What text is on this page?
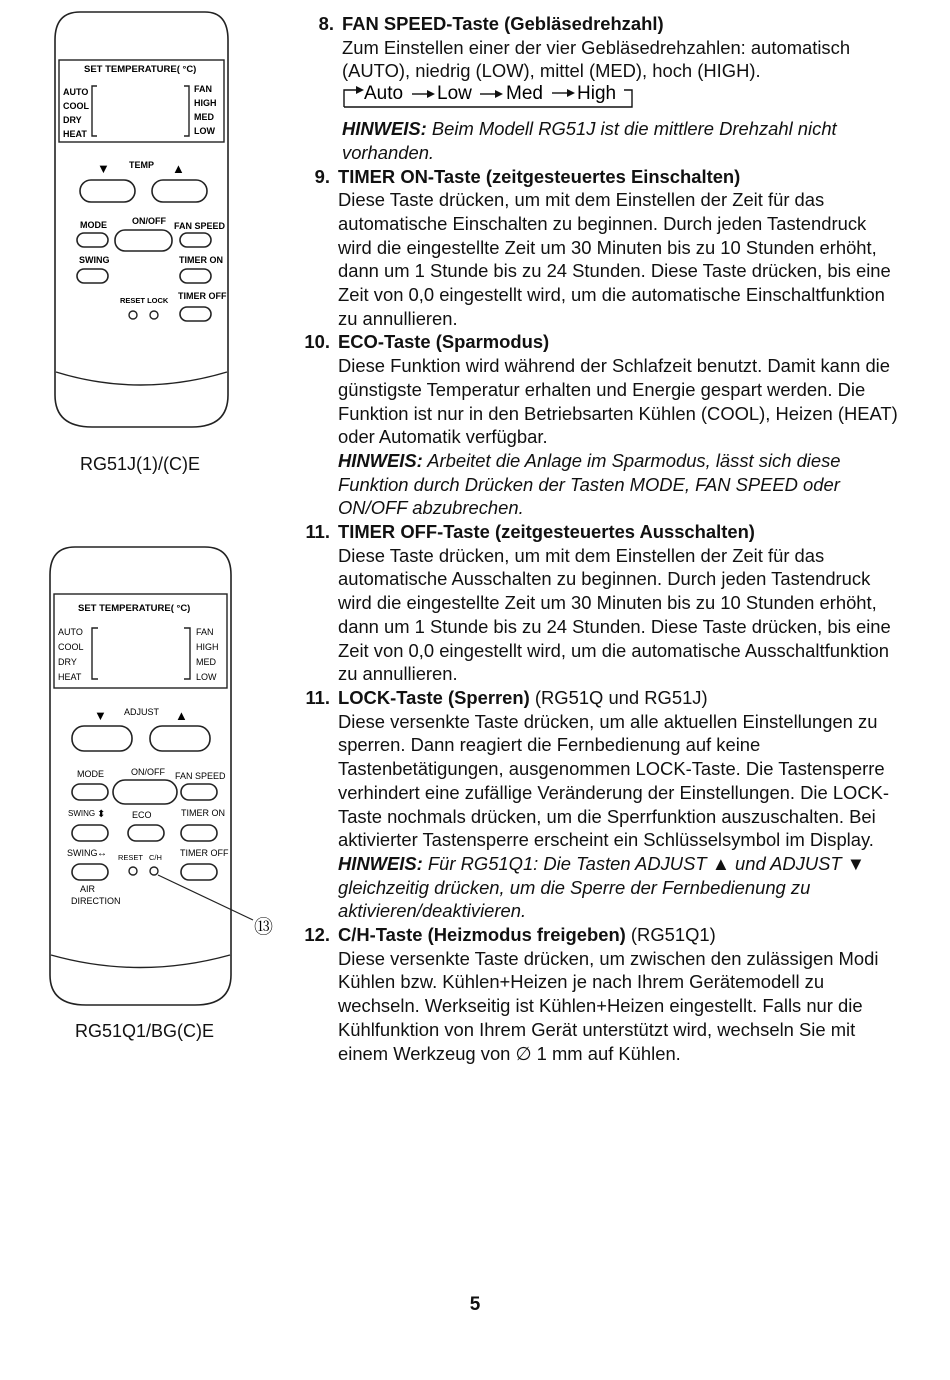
SET TEMPERATURE( °C)
AUTO
COOL
DRY
HEAT
FAN
HIGH
MED
LOW
▼ TEMP ▲
MODE	ON/OFF FAN SPEED
SWING	TIMER ON
RESET LOCK TIMER OFF
SET TEMPERATURE( °C)
AUTO
COOL
DRY
HEAT
FAN
HIGH
MED
LOW
▼ ADJUST ▲
MODE	ON/OFF FAN SPEED
SWING ⬍	ECO	TIMER ON
SWING ↔ RESET C/H TIMER OFF
AIR
DIRECTION
⑬
RG51J(1)/(C)E
RG51Q1/BG(C)E
8. FAN SPEED-Taste (Gebläsedrehzahl)
Zum Einstellen einer der vier Gebläsedrehzahlen: automatisch (AUTO), niedrig (LOW), mittel (MED), hoch (HIGH).
Auto Low Med High
HINWEIS: Beim Modell RG51J ist die mittlere Drehzahl nicht vorhanden.
9. TIMER ON-Taste (zeitgesteuertes Einschalten)
Diese Taste drücken, um mit dem Einstellen der Zeit für das automatische Einschalten zu beginnen. Durch jeden Tastendruck wird die eingestellte Zeit um 30 Minuten bis zu 10 Stunden erhöht, dann um 1 Stunde bis zu 24 Stunden. Diese Taste drücken, bis eine Zeit von 0,0 eingestellt wird, um die automatische Einschaltfunktion zu annullieren.
10. ECO-Taste (Sparmodus)
Diese Funktion wird während der Schlafzeit benutzt. Damit kann die günstigste Temperatur erhalten und Energie gespart werden. Die Funktion ist nur in den Betriebsarten Kühlen (COOL), Heizen (HEAT) oder Automatik verfügbar.
HINWEIS: Arbeitet die Anlage im Sparmodus, lässt sich diese Funktion durch Drücken der Tasten MODE, FAN SPEED oder ON/OFF abzubrechen.
11. TIMER OFF-Taste (zeitgesteuertes Ausschalten)
Diese Taste drücken, um mit dem Einstellen der Zeit für das automatische Ausschalten zu beginnen. Durch jeden Tastendruck wird die eingestellte Zeit um 30 Minuten bis zu 10 Stunden erhöht, dann um 1 Stunde bis zu 24 Stunden. Diese Taste drücken, bis eine Zeit von 0,0 eingestellt wird, um die automatische Ausschaltfunktion zu annullieren.
11. LOCK-Taste (Sperren) (RG51Q und RG51J)
Diese versenkte Taste drücken, um alle aktuellen Einstellungen zu sperren. Dann reagiert die Fernbedienung auf keine Tastenbetätigungen, ausgenommen LOCK-Taste. Die Tastensperre verhindert eine zufällige Veränderung der Einstellungen. Die LOCK-Taste nochmals drücken, um die Sperrfunktion auszuschalten. Bei aktivierter Tastensperre erscheint ein Schlüsselsymbol im Display.
HINWEIS: Für RG51Q1: Die Tasten ADJUST ▲ und ADJUST ▼ gleichzeitig drücken, um die Sperre der Fernbedienung zu aktivieren/deaktivieren.
12. C/H-Taste (Heizmodus freigeben) (RG51Q1)
Diese versenkte Taste drücken, um zwischen den zulässigen Modi Kühlen bzw. Kühlen+Heizen je nach Ihrem Gerätemodell zu wechseln. Werkseitig ist Kühlen+Heizen eingestellt. Falls nur die Kühlfunktion von Ihrem Gerät unterstützt wird, wechseln Sie mit einem Werkzeug von ∅ 1 mm auf Kühlen.
5
